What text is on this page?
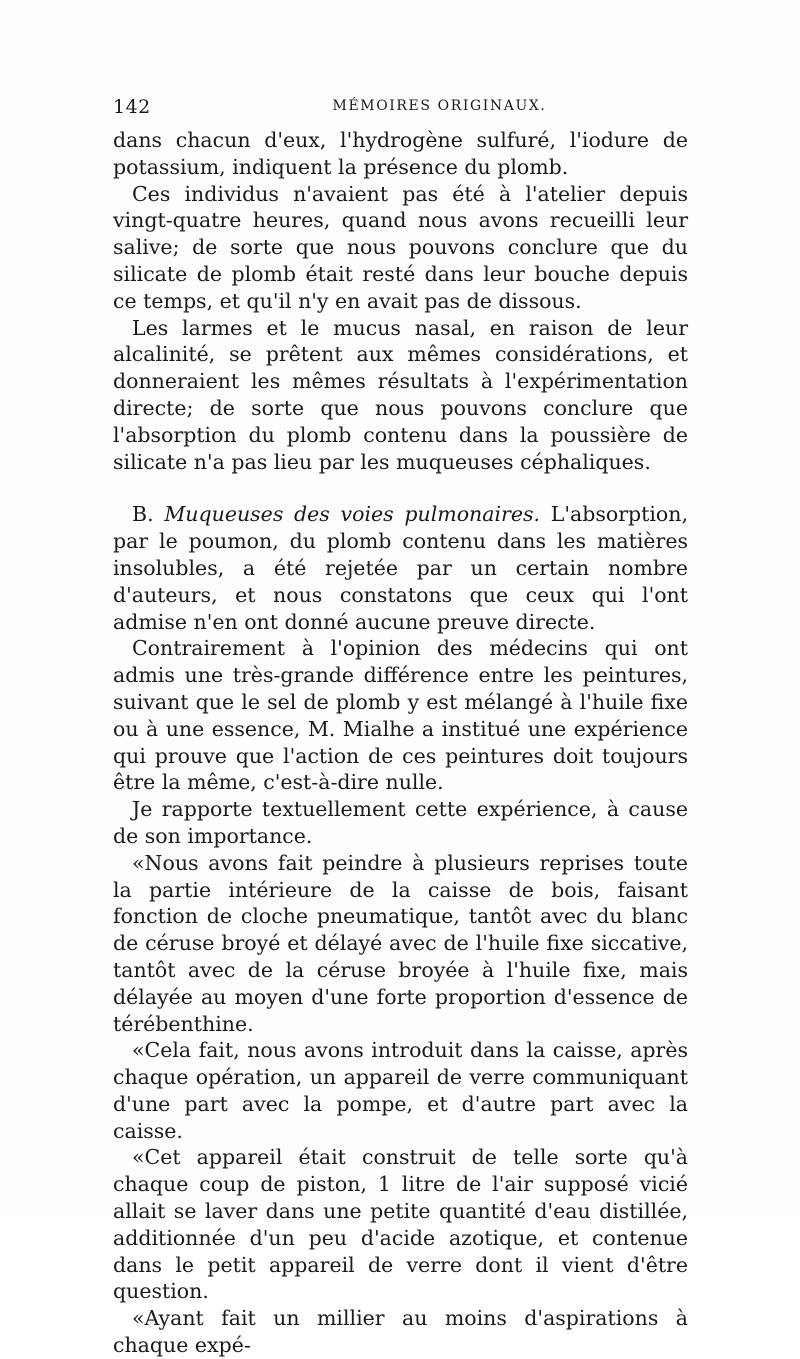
142	MÉMOIRES ORIGINAUX.

dans chacun d'eux, l'hydrogène sulfuré, l'iodure de potassium, indiquent la présence du plomb.

Ces individus n'avaient pas été à l'atelier depuis vingt-quatre heures, quand nous avons recueilli leur salive; de sorte que nous pouvons conclure que du silicate de plomb était resté dans leur bouche depuis ce temps, et qu'il n'y en avait pas de dissous.

Les larmes et le mucus nasal, en raison de leur alcalinité, se prêtent aux mêmes considérations, et donneraient les mêmes résultats à l'expérimentation directe; de sorte que nous pouvons conclure que l'absorption du plomb contenu dans la poussière de silicate n'a pas lieu par les muqueuses céphaliques.

B. Muqueuses des voies pulmonaires. L'absorption, par le poumon, du plomb contenu dans les matières insolubles, a été rejetée par un certain nombre d'auteurs, et nous constatons que ceux qui l'ont admise n'en ont donné aucune preuve directe.

Contrairement à l'opinion des médecins qui ont admis une très-grande différence entre les peintures, suivant que le sel de plomb y est mélangé à l'huile fixe ou à une essence, M. Mialhe a institué une expérience qui prouve que l'action de ces peintures doit toujours être la même, c'est-à-dire nulle.

Je rapporte textuellement cette expérience, à cause de son importance.

«Nous avons fait peindre à plusieurs reprises toute la partie intérieure de la caisse de bois, faisant fonction de cloche pneumatique, tantôt avec du blanc de céruse broyé et délayé avec de l'huile fixe siccative, tantôt avec de la céruse broyée à l'huile fixe, mais délayée au moyen d'une forte proportion d'essence de térébenthine.

«Cela fait, nous avons introduit dans la caisse, après chaque opération, un appareil de verre communiquant d'une part avec la pompe, et d'autre part avec la caisse.

«Cet appareil était construit de telle sorte qu'à chaque coup de piston, 1 litre de l'air supposé vicié allait se laver dans une petite quantité d'eau distillée, additionnée d'un peu d'acide azotique, et contenue dans le petit appareil de verre dont il vient d'être question.

«Ayant fait un millier au moins d'aspirations à chaque expé-
